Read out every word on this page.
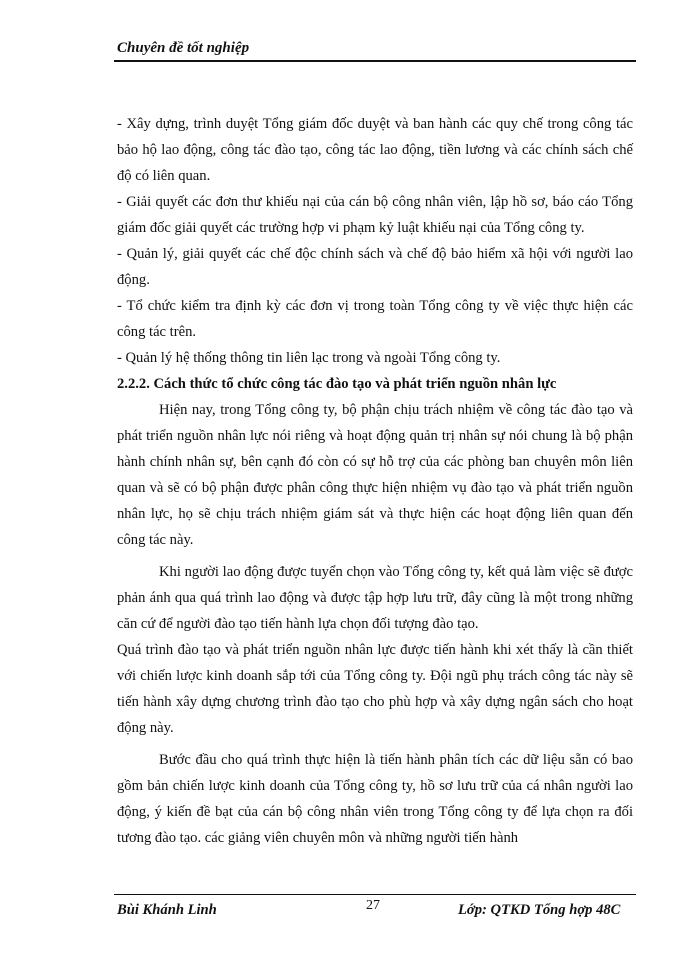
Chuyên đề tốt nghiệp

- Xây dựng, trình duyệt Tổng giám đốc duyệt và ban hành các quy chế trong công tác bảo hộ lao động, công tác đào tạo, công tác lao động, tiền lương và các chính sách chế độ có liên quan.

- Giải quyết các đơn thư khiếu nại của cán bộ công nhân viên, lập hồ sơ, báo cáo Tổng giám đốc giải quyết các trường hợp vi phạm kỷ luật khiếu nại của Tổng công ty.

- Quản lý, giải quyết các chế độc chính sách và chế độ bảo hiểm xã hội với người lao động.

- Tổ chức kiểm tra định kỳ các đơn vị trong toàn Tổng công ty về việc thực hiện các công tác trên.

- Quản lý hệ thống thông tin liên lạc trong và ngoài Tổng công ty.

2.2.2. Cách thức tổ chức công tác đào tạo và phát triển nguồn nhân lực

Hiện nay, trong Tổng công ty, bộ phận chịu trách nhiệm về công tác đào tạo và phát triển nguồn nhân lực nói riêng và hoạt động quản trị nhân sự nói chung là bộ phận hành chính nhân sự, bên cạnh đó còn có sự hỗ trợ của các phòng ban chuyên môn liên quan và sẽ có bộ phận được phân công thực hiện nhiệm vụ đào tạo và phát triển nguồn nhân lực, họ sẽ chịu trách nhiệm giám sát và thực hiện các hoạt động liên quan đến công tác này.

Khi người lao động được tuyển chọn vào Tổng công ty, kết quả làm việc sẽ được phản ánh qua quá trình lao động và được tập hợp lưu trữ, đây cũng là một trong những căn cứ để người đào tạo tiến hành lựa chọn đối tượng đào tạo.

Quá trình đào tạo và phát triển nguồn nhân lực được tiến hành khi xét thấy là cần thiết với chiến lược kinh doanh sắp tới của Tổng công ty. Đội ngũ phụ trách công tác này sẽ tiến hành xây dựng chương trình đào tạo cho phù hợp và xây dựng ngân sách cho hoạt động này.

Bước đầu cho quá trình thực hiện là tiến hành phân tích các dữ liệu sẵn có bao gồm bản chiến lược kinh doanh của Tổng công ty, hồ sơ lưu trữ của cá nhân người lao động, ý kiến đề bạt của cán bộ công nhân viên trong Tổng công ty để lựa chọn ra đối tương đào tạo. các giảng viên chuyên môn và những người tiến hành

Bùi Khánh Linh	27	Lớp: QTKD Tổng hợp 48C
